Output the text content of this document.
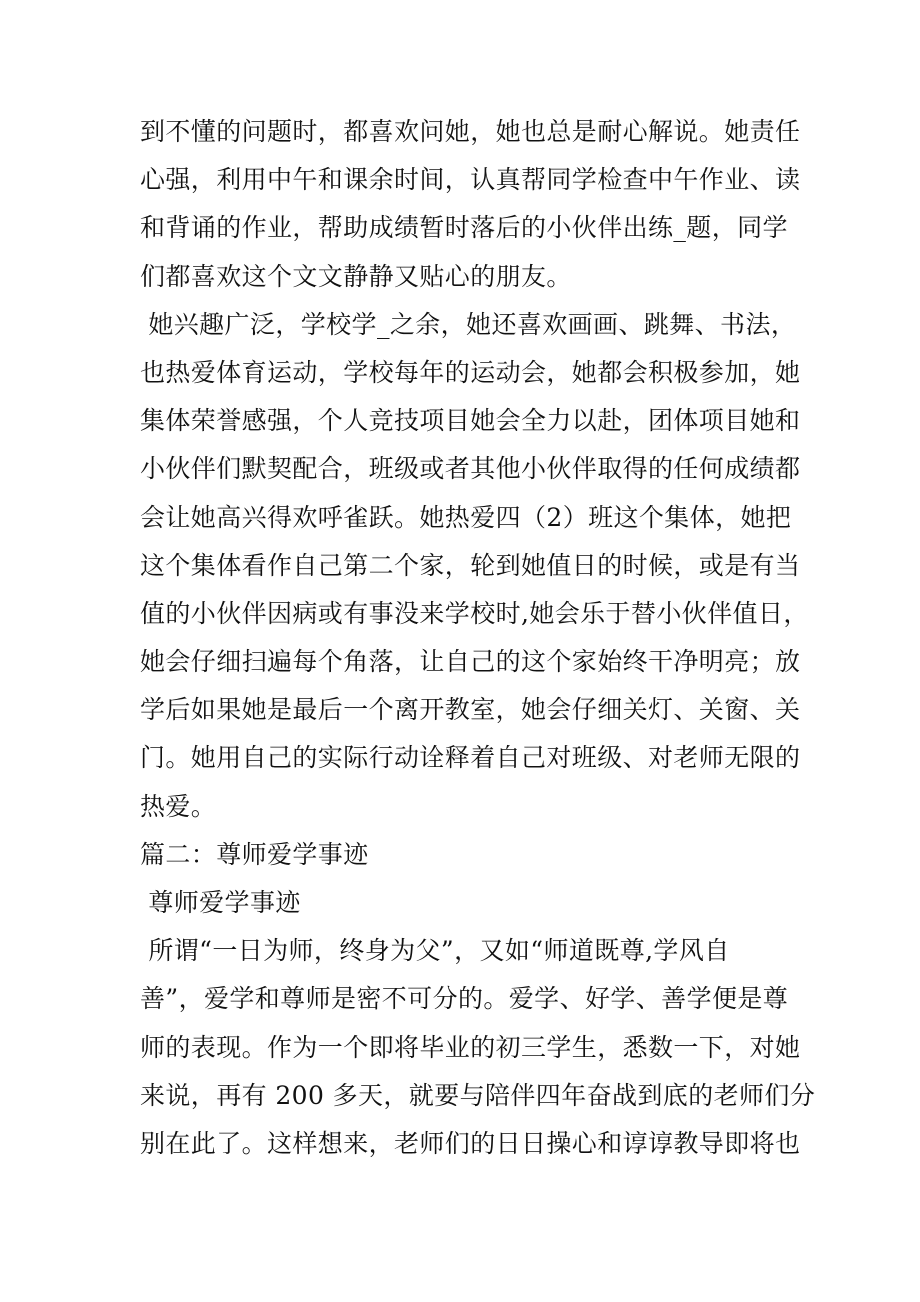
到不懂的问题时，都喜欢问她，她也总是耐心解说。她责任
心强，利用中午和课余时间，认真帮同学检查中午作业、读
和背诵的作业，帮助成绩暂时落后的小伙伴出练_题，同学
们都喜欢这个文文静静又贴心的朋友。
她兴趣广泛，学校学_之余，她还喜欢画画、跳舞、书法，
也热爱体育运动，学校每年的运动会，她都会积极参加，她
集体荣誉感强，个人竞技项目她会全力以赴，团体项目她和
小伙伴们默契配合，班级或者其他小伙伴取得的任何成绩都
会让她高兴得欢呼雀跃。她热爱四（2）班这个集体，她把
这个集体看作自己第二个家，轮到她值日的时候，或是有当
值的小伙伴因病或有事没来学校时,她会乐于替小伙伴值日，
她会仔细扫遍每个角落，让自己的这个家始终干净明亮；放
学后如果她是最后一个离开教室，她会仔细关灯、关窗、关
门。她用自己的实际行动诠释着自己对班级、对老师无限的
热爱。
篇二：尊师爱学事迹
尊师爱学事迹
所谓“一日为师，终身为父”，又如“师道既尊,学风自
善”，爱学和尊师是密不可分的。爱学、好学、善学便是尊
师的表现。作为一个即将毕业的初三学生，悉数一下，对她
来说，再有 200 多天，就要与陪伴四年奋战到底的老师们分
别在此了。这样想来，老师们的日日操心和谆谆教导即将也
